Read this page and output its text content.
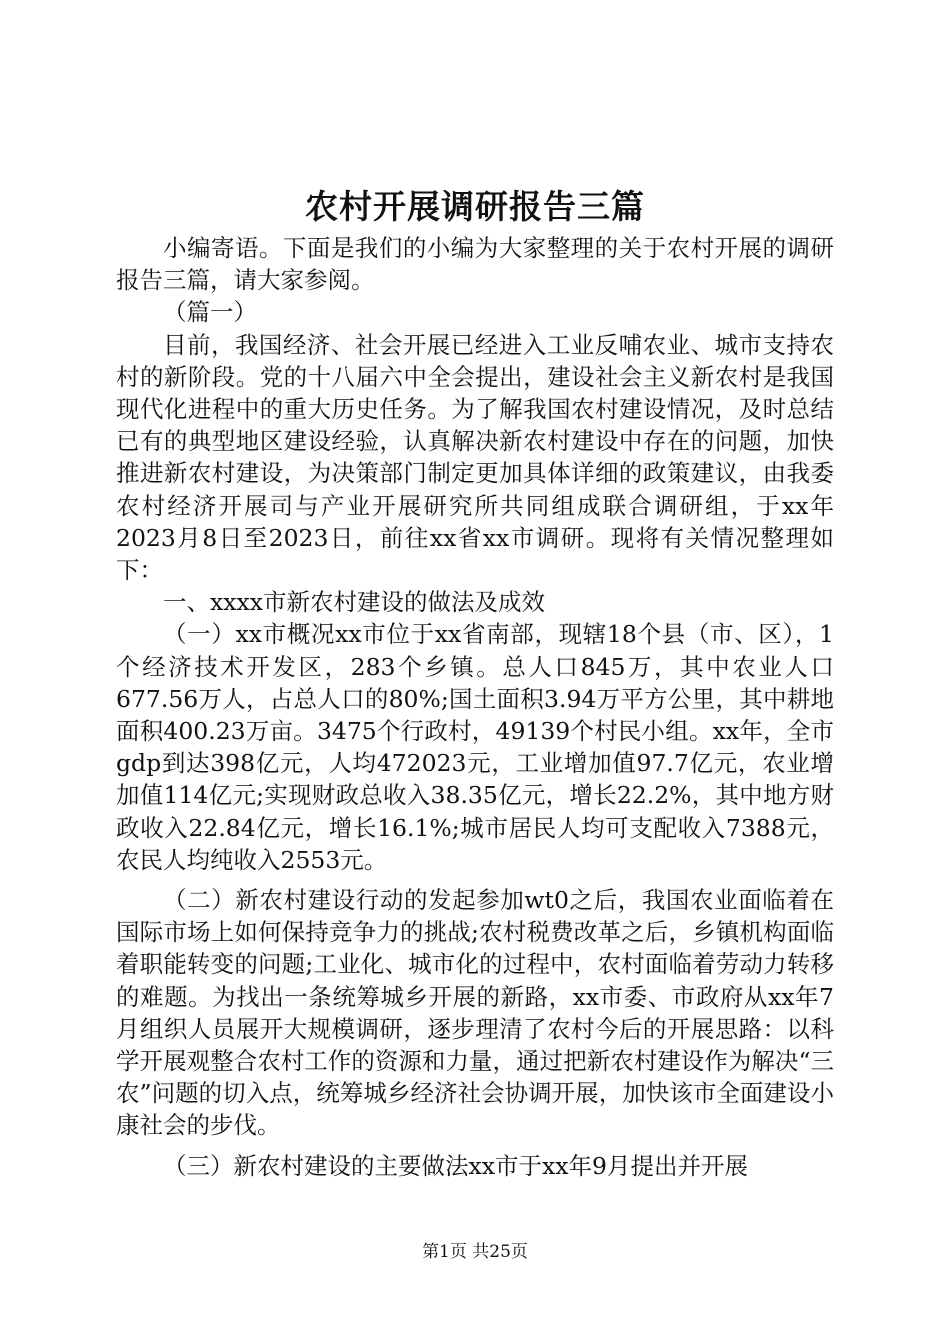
农村开展调研报告三篇

小编寄语。下面是我们的小编为大家整理的关于农村开展的调研报告三篇，请大家参阅。

（篇一）

目前，我国经济、社会开展已经进入工业反哺农业、城市支持农村的新阶段。党的十八届六中全会提出，建设社会主义新农村是我国现代化进程中的重大历史任务。为了解我国农村建设情况，及时总结已有的典型地区建设经验，认真解决新农村建设中存在的问题，加快推进新农村建设，为决策部门制定更加具体详细的政策建议，由我委农村经济开展司与产业开展研究所共同组成联合调研组，于xx年2023月8日至2023日，前往xx省xx市调研。现将有关情况整理如下：

一、xxxx市新农村建设的做法及成效

（一）xx市概况xx市位于xx省南部，现辖18个县（市、区），1个经济技术开发区，283个乡镇。总人口845万，其中农业人口677.56万人，占总人口的80%;国土面积3.94万平方公里，其中耕地面积400.23万亩。3475个行政村，49139个村民小组。xx年，全市gdp到达398亿元，人均472023元，工业增加值97.7亿元，农业增加值114亿元;实现财政总收入38.35亿元，增长22.2%，其中地方财政收入22.84亿元，增长16.1%;城市居民人均可支配收入7388元，农民人均纯收入2553元。

（二）新农村建设行动的发起参加wt0之后，我国农业面临着在国际市场上如何保持竞争力的挑战;农村税费改革之后，乡镇机构面临着职能转变的问题;工业化、城市化的过程中，农村面临着劳动力转移的难题。为找出一条统筹城乡开展的新路，xx市委、市政府从xx年7月组织人员展开大规模调研，逐步理清了农村今后的开展思路：以科学开展观整合农村工作的资源和力量，通过把新农村建设作为解决“三农”问题的切入点，统筹城乡经济社会协调开展，加快该市全面建设小康社会的步伐。

（三）新农村建设的主要做法xx市于xx年9月提出并开展

第1页 共25页
